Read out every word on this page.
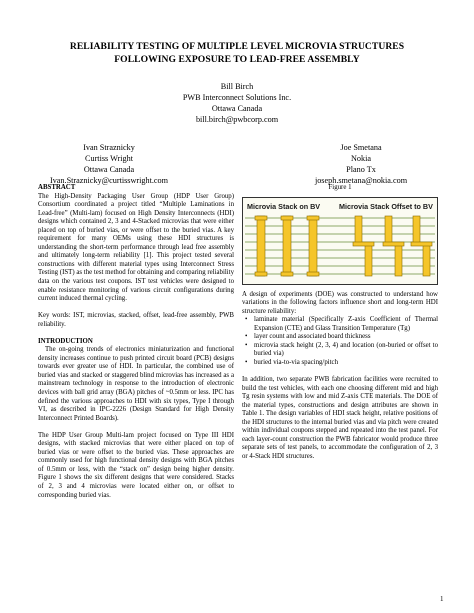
RELIABILITY TESTING OF MULTIPLE LEVEL MICROVIA STRUCTURES
FOLLOWING EXPOSURE TO LEAD-FREE ASSEMBLY
Bill Birch
PWB Interconnect Solutions Inc.
Ottawa Canada
bill.birch@pwbcorp.com
Ivan Straznicky
Curtiss Wright
Ottawa Canada
Ivan.Straznicky@curtisswright.com
Joe Smetana
Nokia
Plano Tx
joseph.smetana@nokia.com
ABSTRACT

The High-Density Packaging User Group (HDP User Group) Consortium coordinated a project titled “Multiple Laminations in Lead-free” (Multi-lam) focused on High Density Interconnects (HDI) designs which contained 2, 3 and 4-Stacked microvias that were either placed on top of buried vias, or were offset to the buried vias. A key requirement for many OEMs using these HDI structures is understanding the short-term performance through lead free assembly and ultimately long-term reliability [1]. This project tested several constructions with different material types using Interconnect Stress Testing (IST) as the test method for obtaining and comparing reliability data on the various test coupons. IST test vehicles were designed to enable resistance monitoring of various circuit configurations during current induced thermal cycling.

Key words: IST, microvias, stacked, offset, lead-free assembly, PWB reliability.

INTRODUCTION

The on-going trends of electronics miniaturization and functional density increases continue to push printed circuit board (PCB) designs towards ever greater use of HDI. In particular, the combined use of buried vias and stacked or staggered blind microvias has increased as a mainstream technology in response to the introduction of electronic devices with ball grid array (BGA) pitches of ~0.5mm or less. IPC has defined the various approaches to HDI with six types, Type I through VI, as described in IPC-2226 (Design Standard for High Density Interconnect Printed Boards).

The HDP User Group Multi-lam project focused on Type III HDI designs, with stacked microvias that were either placed on top of buried vias or were offset to the buried vias. These approaches are commonly used for high functional density designs with BGA pitches of 0.5mm or less, with the “stack on” design being higher density. Figure 1 shows the six different designs that were considered. Stacks of 2, 3 and 4 microvias were located either on, or offset to corresponding buried vias.

Figure 1
Microvia Stack on BV	Microvia Stack Offset to BV

A design of experiments (DOE) was constructed to understand how variations in the following factors influence short and long-term HDI structure reliability:

• laminate material (Specifically Z-axis Coefficient of Thermal Expansion (CTE) and Glass Transition Temperature (Tg)
• layer count and associated board thickness
• microvia stack height (2, 3, 4) and location (on-buried or offset to buried via)
• buried via-to-via spacing/pitch

In addition, two separate PWB fabrication facilities were recruited to build the test vehicles, with each one choosing different mid and high Tg resin systems with low and mid Z-axis CTE materials. The DOE of the material types, constructions and design attributes are shown in Table 1. The design variables of HDI stack height, relative positions of the HDI structures to the internal buried vias and via pitch were created within individual coupons stepped and repeated into the test panel. For each layer-count construction the PWB fabricator would produce three separate sets of test panels, to accommodate the configuration of 2, 3 or 4-Stack HDI structures.

1
